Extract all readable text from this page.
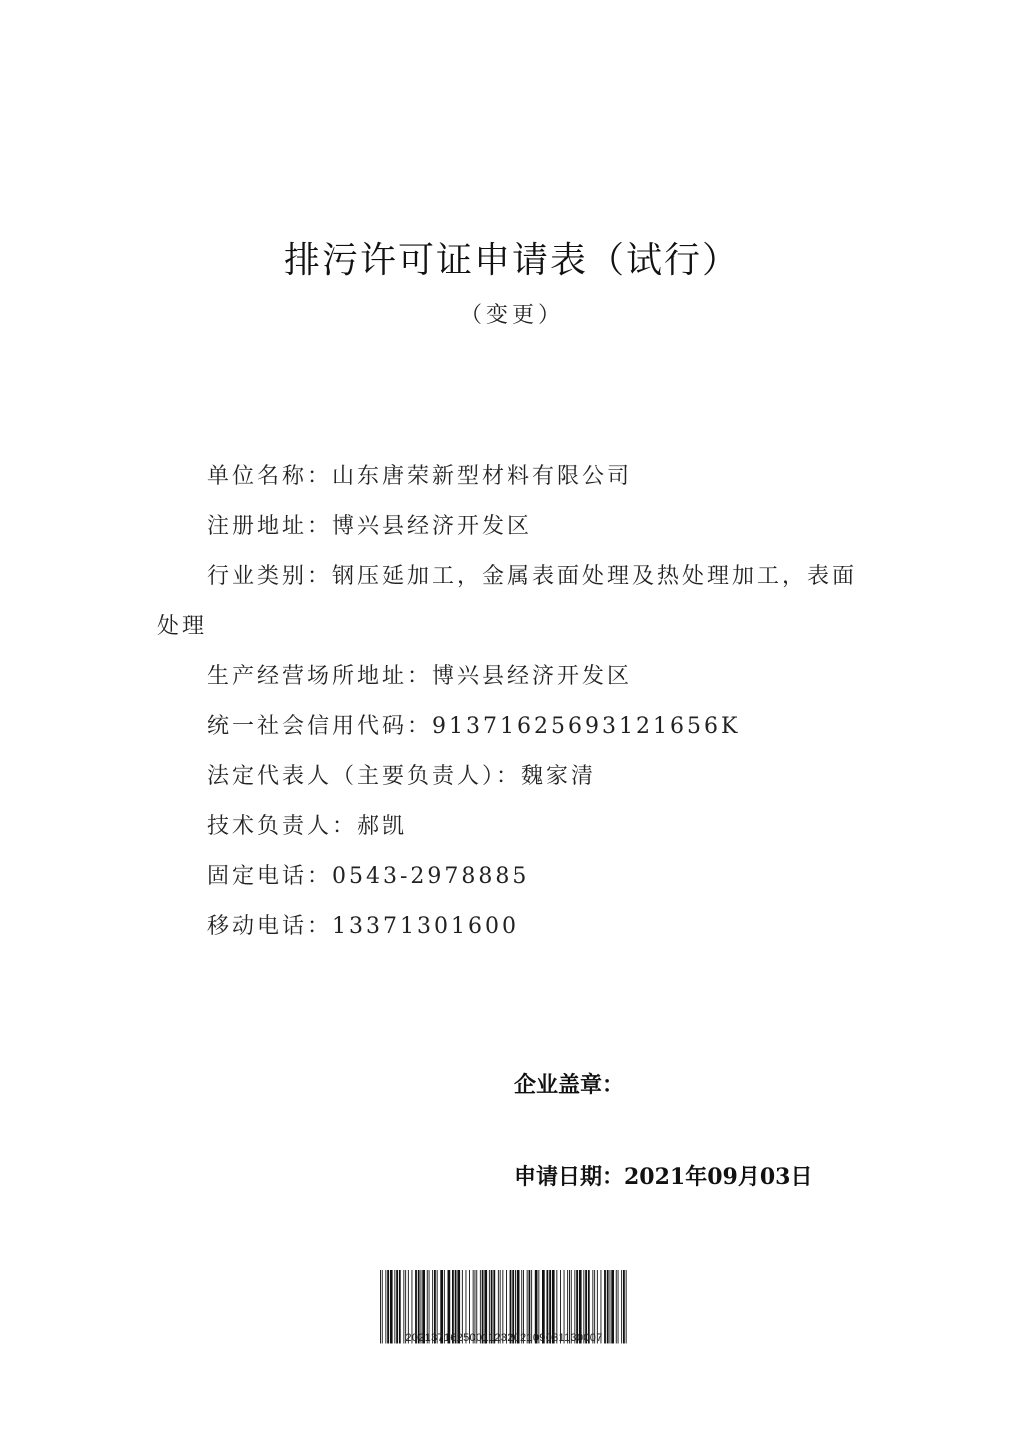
排污许可证申请表（试行）
（变更）

单位名称：山东唐荣新型材料有限公司

注册地址：博兴县经济开发区

行业类别：钢压延加工，金属表面处理及热处理加工，表面处理

生产经营场所地址：博兴县经济开发区

统一社会信用代码：91371625693121656K

法定代表人（主要负责人）：魏家清

技术负责人：郝凯

固定电话：0543-2978885

移动电话：13371301600

企业盖章：
申请日期：2021年09月03日
2021371625001123202109031130007
